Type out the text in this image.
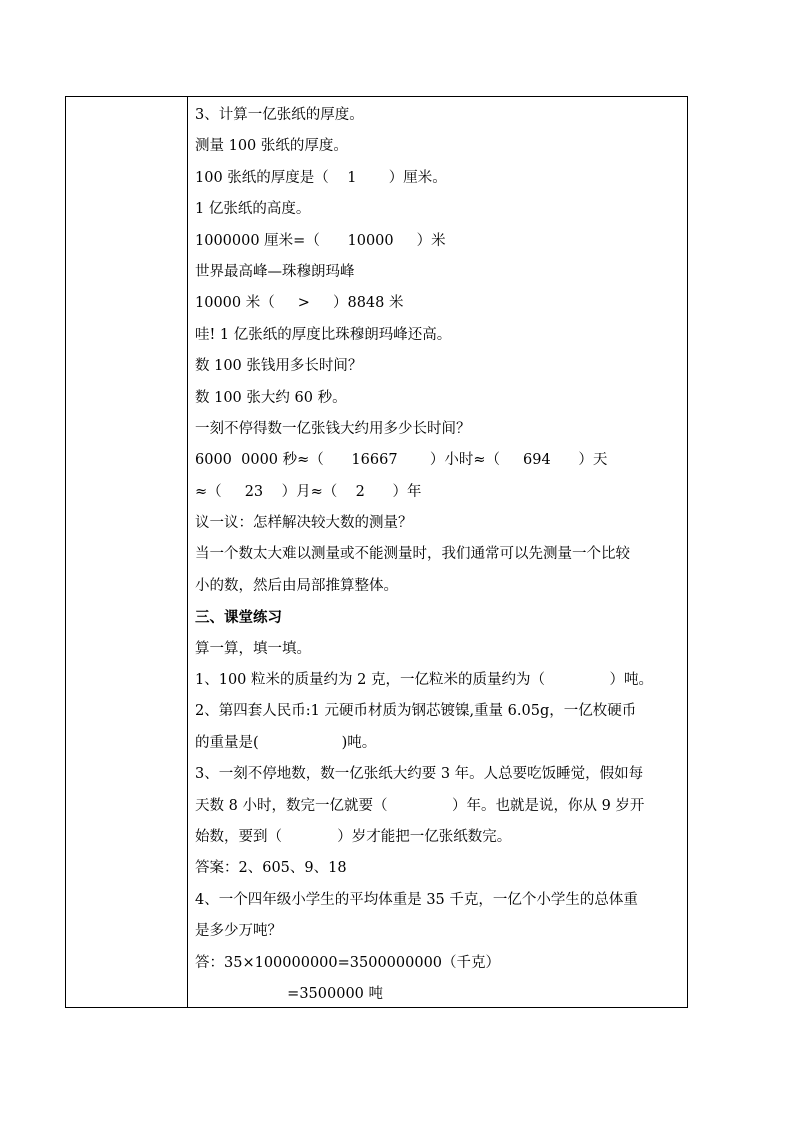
3、计算一亿张纸的厚度。
测量 100 张纸的厚度。
100 张纸的厚度是（    1       ）厘米。
1 亿张纸的高度。
1000000 厘米=（      10000     ）米
世界最高峰—珠穆朗玛峰
10000 米（     >     ）8848 米
哇! 1 亿张纸的厚度比珠穆朗玛峰还高。
数 100 张钱用多长时间？
数 100 张大约 60 秒。
一刻不停得数一亿张钱大约用多少长时间？
6000  0000 秒≈（      16667       ）小时≈（     694      ）天
≈（     23    ）月≈（    2      ）年
议一议：怎样解决较大数的测量？
当一个数太大难以测量或不能测量时，我们通常可以先测量一个比较
小的数，然后由局部推算整体。
三、课堂练习
算一算，填一填。
1、100 粒米的质量约为 2 克，一亿粒米的质量约为（              ）吨。
2、第四套人民币:1 元硬币材质为钢芯镀镍,重量 6.05g，一亿枚硬币
的重量是(                  )吨。
3、一刻不停地数，数一亿张纸大约要 3 年。人总要吃饭睡觉，假如每
天数 8 小时，数完一亿就要（              ）年。也就是说，你从 9 岁开
始数，要到（            ）岁才能把一亿张纸数完。
答案：2、605、9、18
4、一个四年级小学生的平均体重是 35 千克，一亿个小学生的总体重
是多少万吨？
答：35×100000000=3500000000（千克）
=3500000 吨
